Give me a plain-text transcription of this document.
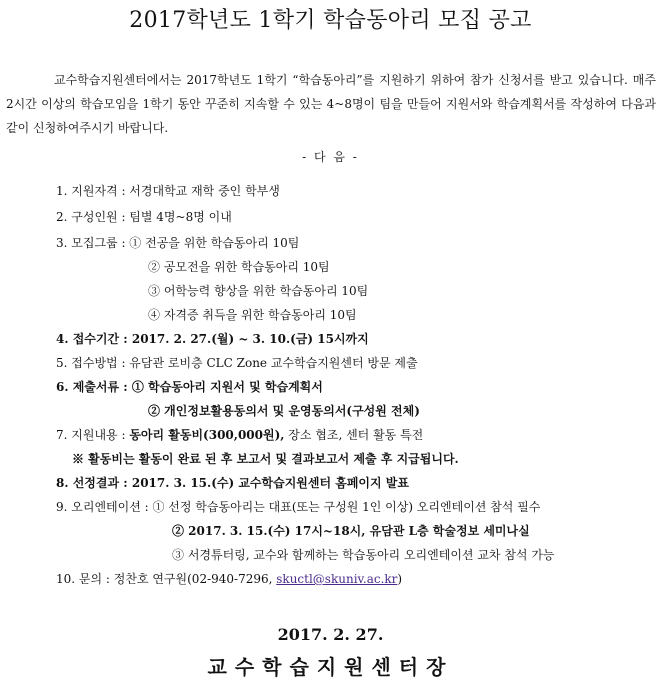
2017학년도 1학기 학습동아리 모집 공고
교수학습지원센터에서는 2017학년도 1학기 “학습동아리”를 지원하기 위하여 참가 신청서를 받고 있습니다. 매주 2시간 이상의 학습모임을 1학기 동안 꾸준히 지속할 수 있는 4~8명이 팀을 만들어 지원서와 학습계획서를 작성하여 다음과 같이 신청하여주시기 바랍니다.
- 다 음 -
1. 지원자격 : 서경대학교 재학 중인 학부생
2. 구성인원 : 팀별 4명~8명 이내
3. 모집그룹 : ① 전공을 위한 학습동아리 10팀
② 공모전을 위한 학습동아리 10팀
③ 어학능력 향상을 위한 학습동아리 10팀
④ 자격증 취득을 위한 학습동아리 10팀
4. 접수기간 : 2017. 2. 27.(월) ~ 3. 10.(금) 15시까지
5. 접수방법 : 유담관 로비층 CLC Zone 교수학습지원센터 방문 제출
6. 제출서류 : ① 학습동아리 지원서 및 학습계획서
② 개인정보활용동의서 및 운영동의서(구성원 전체)
7. 지원내용 : 동아리 활동비(300,000원), 장소 협조, 센터 활동 특전
※ 활동비는 활동이 완료 된 후 보고서 및 결과보고서 제출 후 지급됩니다.
8. 선정결과 : 2017. 3. 15.(수) 교수학습지원센터 홈페이지 발표
9. 오리엔테이션 : ① 선정 학습동아리는 대표(또는 구성원 1인 이상) 오리엔테이션 참석 필수
② 2017. 3. 15.(수) 17시~18시, 유담관 L층 학술정보 세미나실
③ 서경튜터링, 교수와 함께하는 학습동아리 오리엔테이션 교차 참석 가능
10. 문의 : 정찬호 연구원(02-940-7296, skuctl@skuniv.ac.kr)
2017. 2. 27.
교수학습지원센터장
